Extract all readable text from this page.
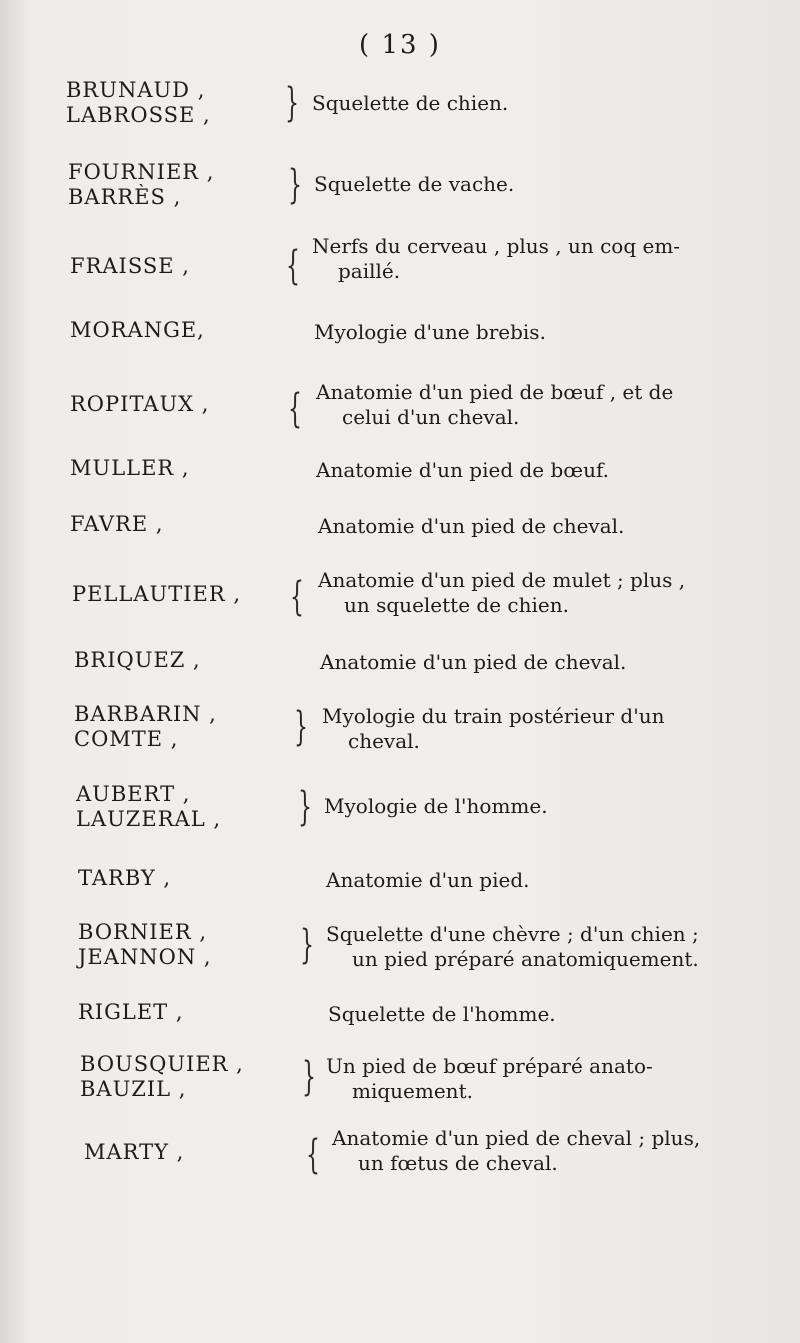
( 13 )
BRUNAUD ,
LABROSSE , } Squelette de chien.
FOURNIER ,
BARRÈS ,	} Squelette de vache.
FRAISSE , { Nerfs du cerveau , plus , un coq em-
paillé.
MORANGE,	Myologie d'une brebis.
ROPITAUX , { Anatomie d'un pied de bœuf , et de
celui d'un cheval.
MULLER ,	Anatomie d'un pied de bœuf.
FAVRE ,	Anatomie d'un pied de cheval.
PELLAUTIER , { Anatomie d'un pied de mulet ; plus ,
un squelette de chien.
BRIQUEZ ,	Anatomie d'un pied de cheval.
BARBARIN ,
COMTE ,	} Myologie du train postérieur d'un
cheval.
AUBERT ,
LAUZERAL , } Myologie de l'homme.
TARBY ,	Anatomie d'un pied.
BORNIER ,
JEANNON , } Squelette d'une chèvre ; d'un chien ;
un pied préparé anatomiquement.
RIGLET ,	Squelette de l'homme.
BOUSQUIER ,
BAUZIL ,	} Un pied de bœuf préparé anato-
miquement.
MARTY ,	{ Anatomie d'un pied de cheval ; plus,
un fœtus de cheval.
